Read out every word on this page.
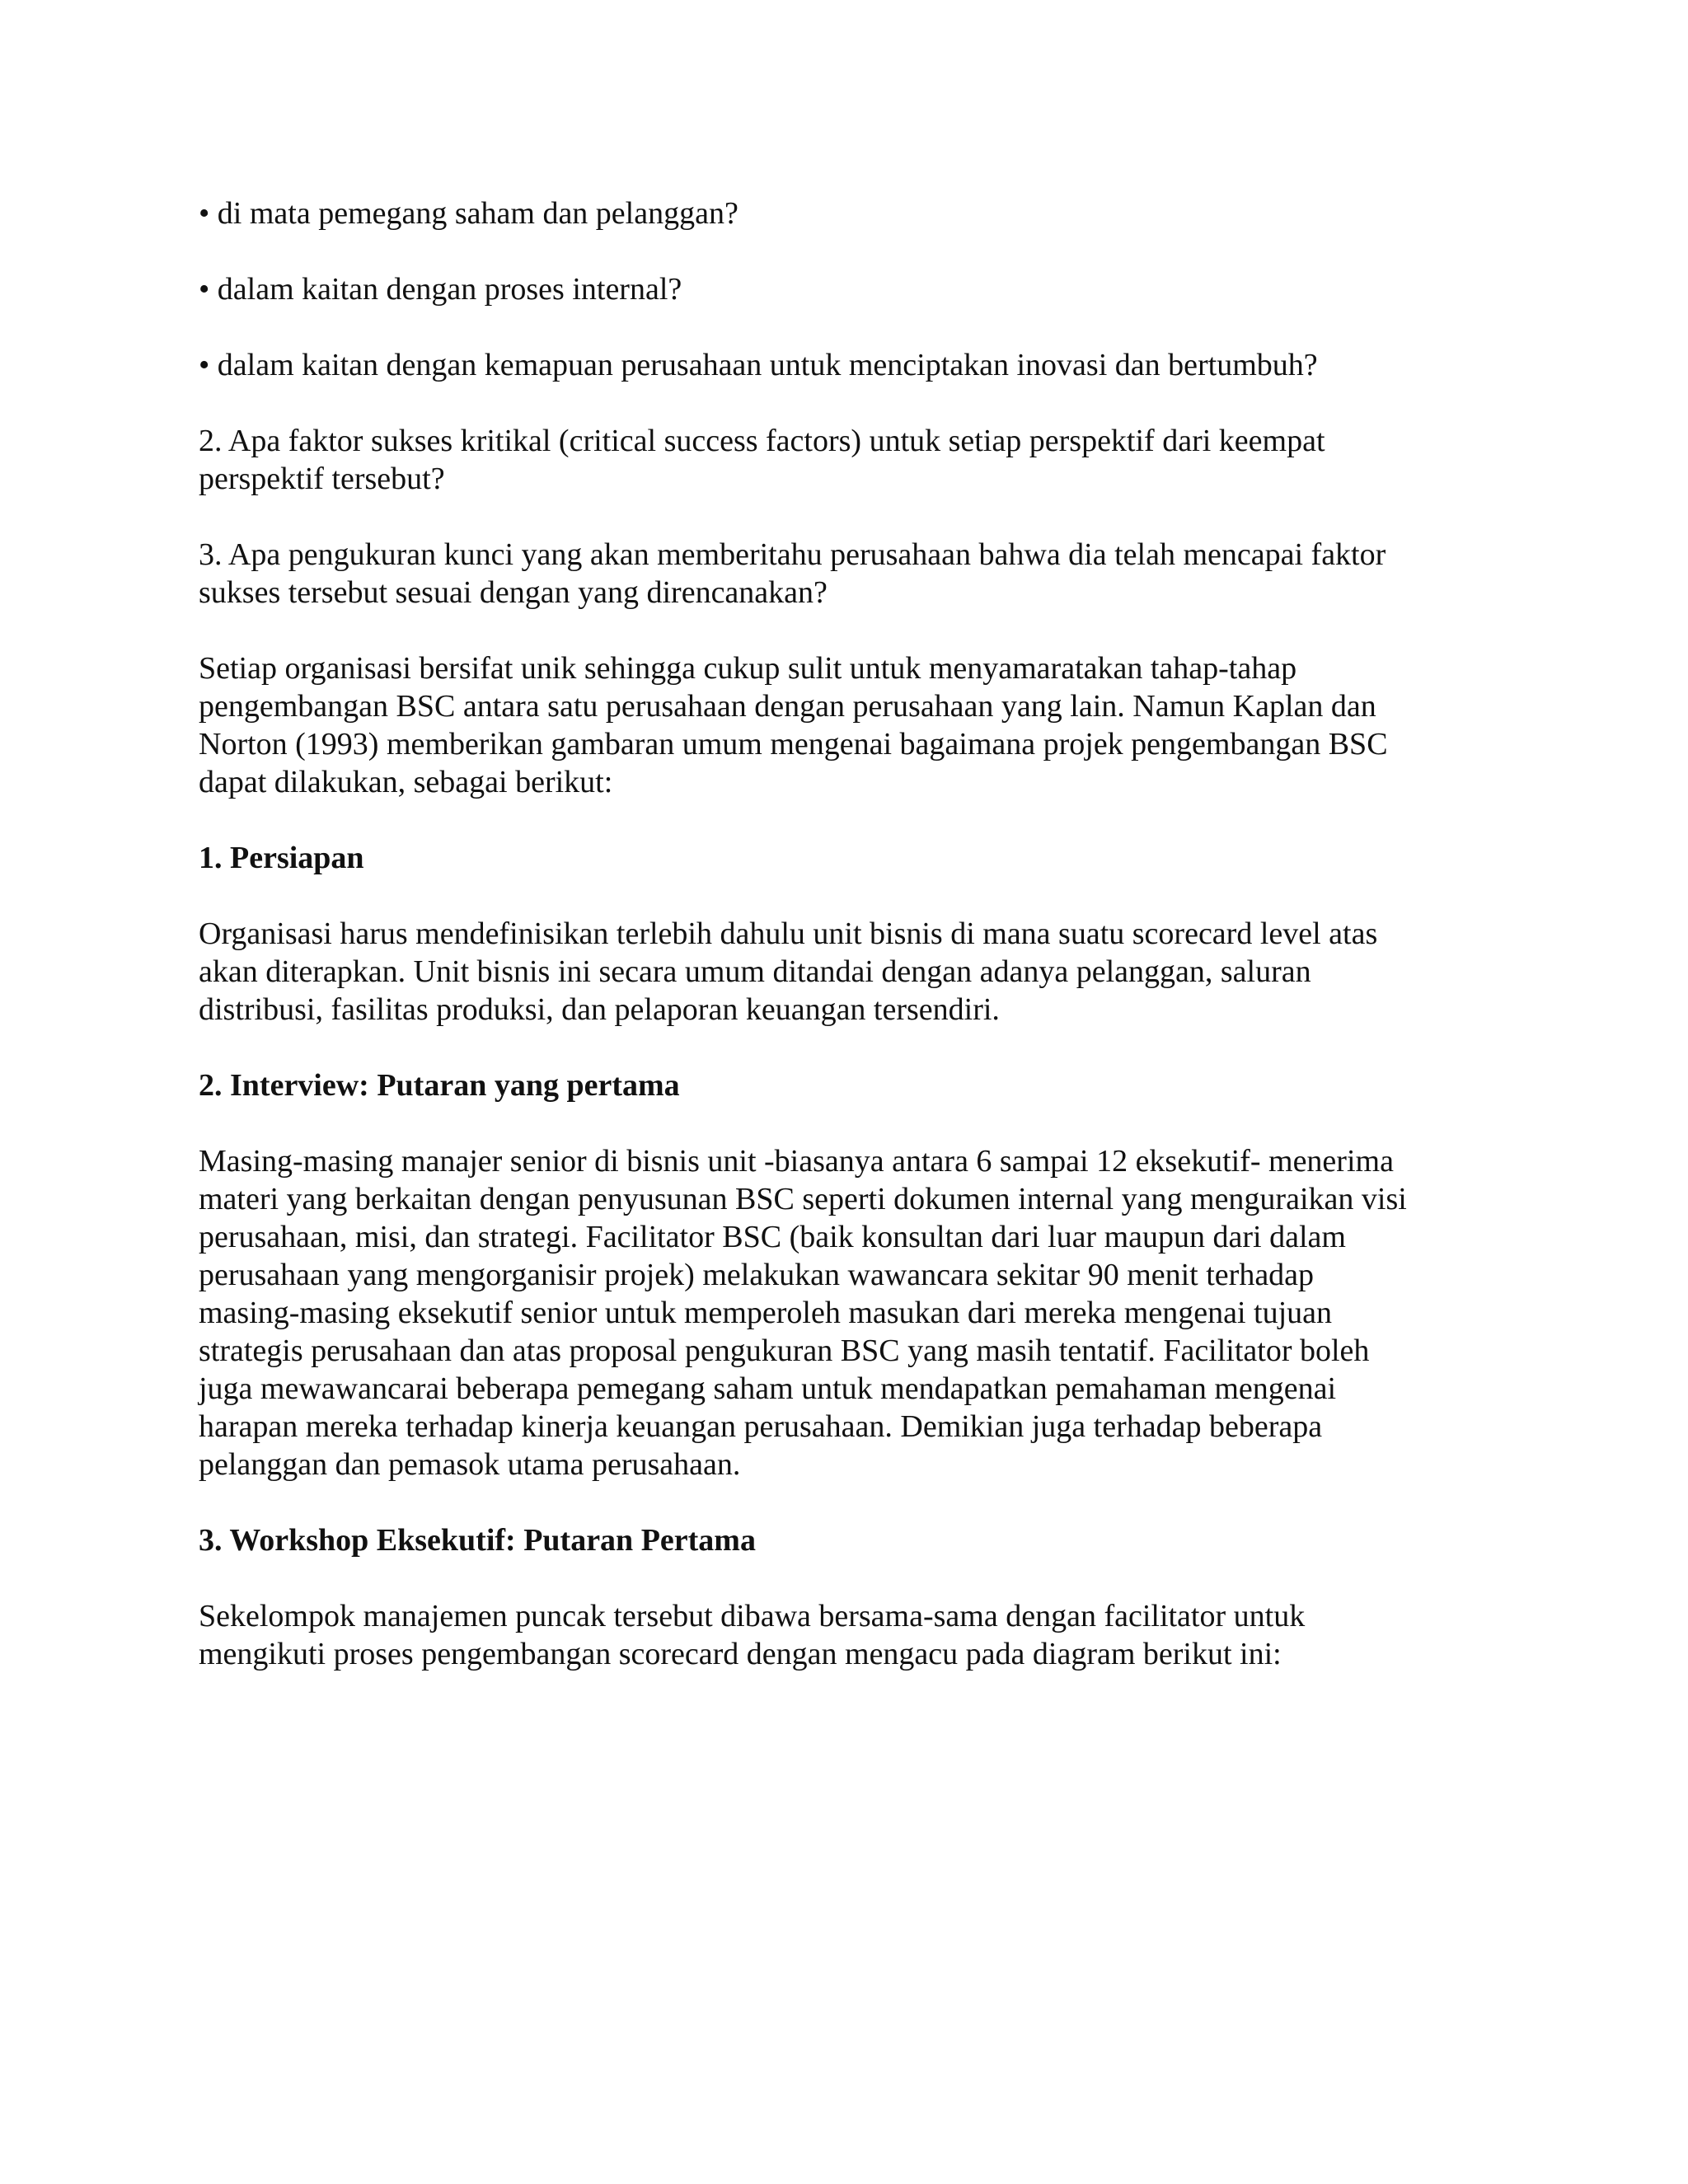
• di mata pemegang saham dan pelanggan?

• dalam kaitan dengan proses internal?

• dalam kaitan dengan kemapuan perusahaan untuk menciptakan inovasi dan bertumbuh?

2. Apa faktor sukses kritikal (critical success factors) untuk setiap perspektif dari keempat
perspektif tersebut?

3. Apa pengukuran kunci yang akan memberitahu perusahaan bahwa dia telah mencapai faktor
sukses tersebut sesuai dengan yang direncanakan?

Setiap organisasi bersifat unik sehingga cukup sulit untuk menyamaratakan tahap-tahap
pengembangan BSC antara satu perusahaan dengan perusahaan yang lain. Namun Kaplan dan
Norton (1993) memberikan gambaran umum mengenai bagaimana projek pengembangan BSC
dapat dilakukan, sebagai berikut:

1. Persiapan

Organisasi harus mendefinisikan terlebih dahulu unit bisnis di mana suatu scorecard level atas
akan diterapkan. Unit bisnis ini secara umum ditandai dengan adanya pelanggan, saluran
distribusi, fasilitas produksi, dan pelaporan keuangan tersendiri.

2. Interview: Putaran yang pertama

Masing-masing manajer senior di bisnis unit -biasanya antara 6 sampai 12 eksekutif- menerima
materi yang berkaitan dengan penyusunan BSC seperti dokumen internal yang menguraikan visi
perusahaan, misi, dan strategi. Facilitator BSC (baik konsultan dari luar maupun dari dalam
perusahaan yang mengorganisir projek) melakukan wawancara sekitar 90 menit terhadap
masing-masing eksekutif senior untuk memperoleh masukan dari mereka mengenai tujuan
strategis perusahaan dan atas proposal pengukuran BSC yang masih tentatif. Facilitator boleh
juga mewawancarai beberapa pemegang saham untuk mendapatkan pemahaman mengenai
harapan mereka terhadap kinerja keuangan perusahaan. Demikian juga terhadap beberapa
pelanggan dan pemasok utama perusahaan.

3. Workshop Eksekutif: Putaran Pertama

Sekelompok manajemen puncak tersebut dibawa bersama-sama dengan facilitator untuk
mengikuti proses pengembangan scorecard dengan mengacu pada diagram berikut ini:
